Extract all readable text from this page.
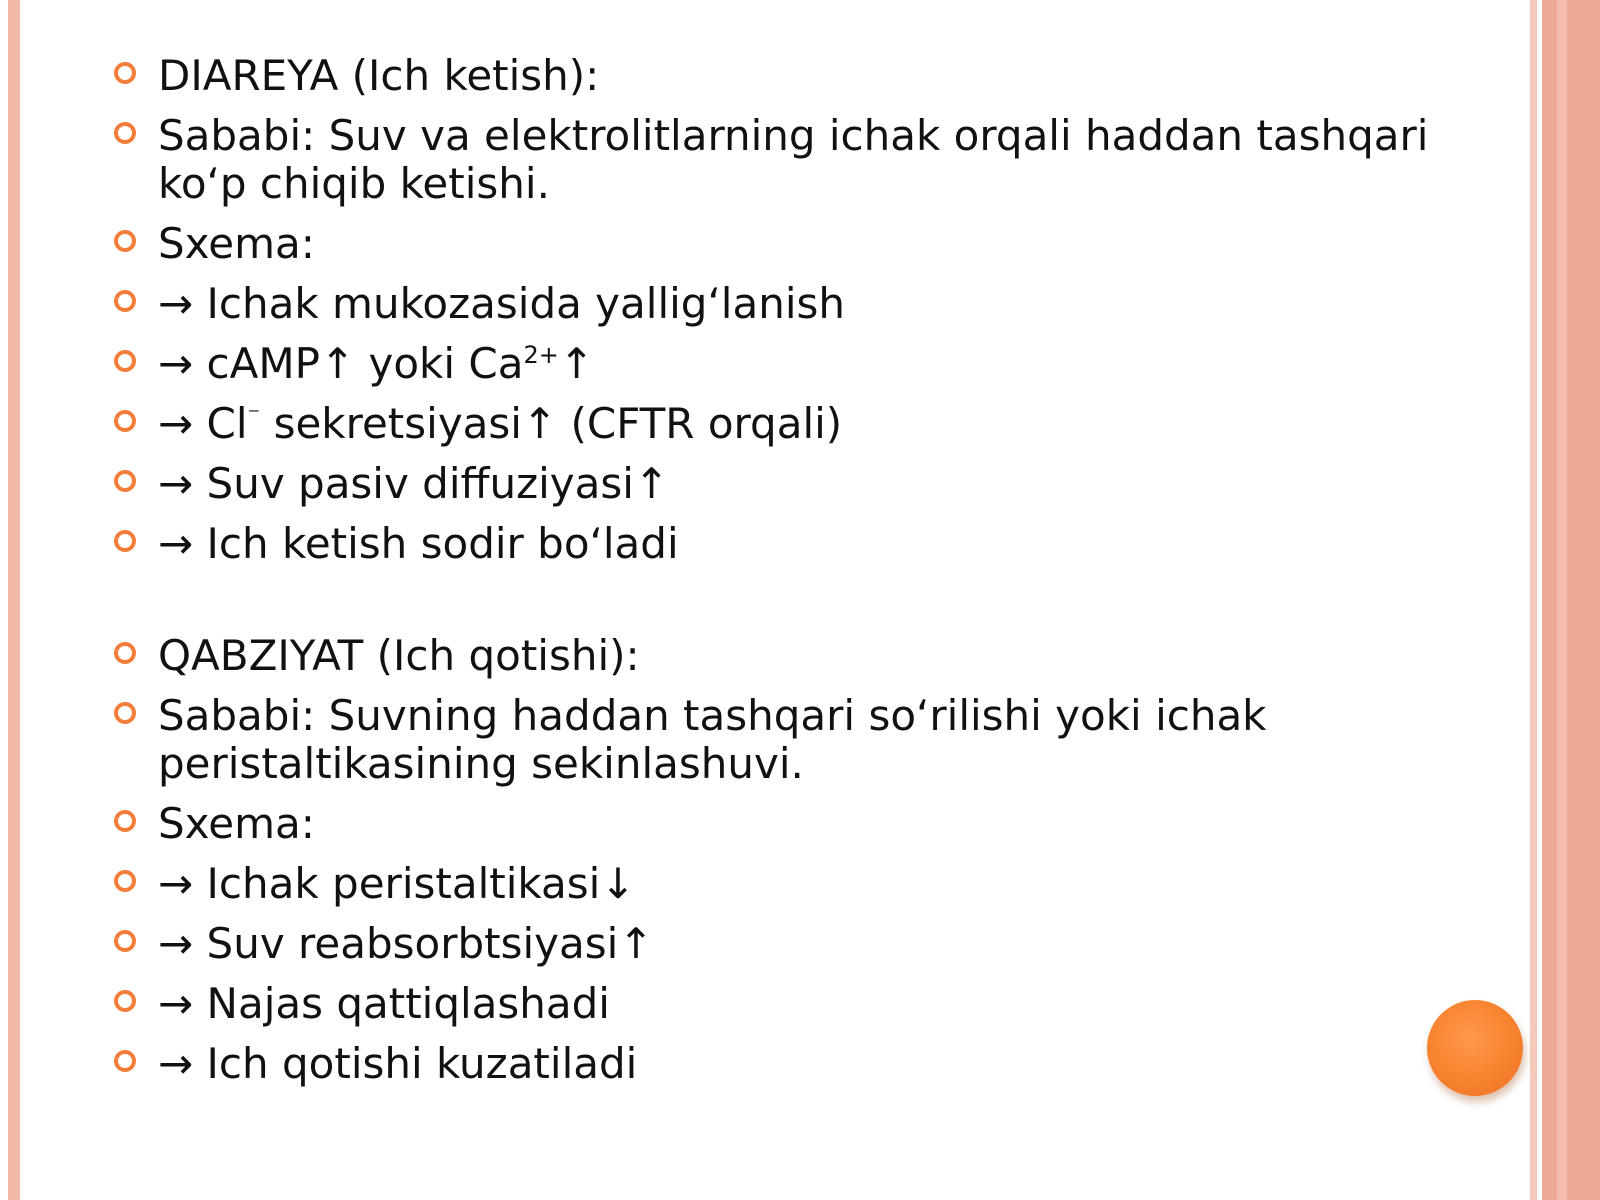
DIAREYA (Ich ketish):
Sababi: Suv va elektrolitlarning ichak orqali haddan tashqari ko‘p chiqib ketishi.
Sxema:
→ Ichak mukozasida yallig‘lanish
→ cAMP↑ yoki $Ca^{2+}↑$
→ Cl⁻ sekretsiyasi↑ (CFTR orqali)
→ Suv pasiv diffuziyasi↑
→ Ich ketish sodir bo‘ladi
QABZIYAT (Ich qotishi):
Sababi: Suvning haddan tashqari so‘rilishi yoki ichak peristaltikasining sekinlashuvi.
Sxema:
→ Ichak peristaltikasi↓
→ Suv reabsorbtsiyasi↑
→ Najas qattiqlashadi
→ Ich qotishi kuzatiladi
